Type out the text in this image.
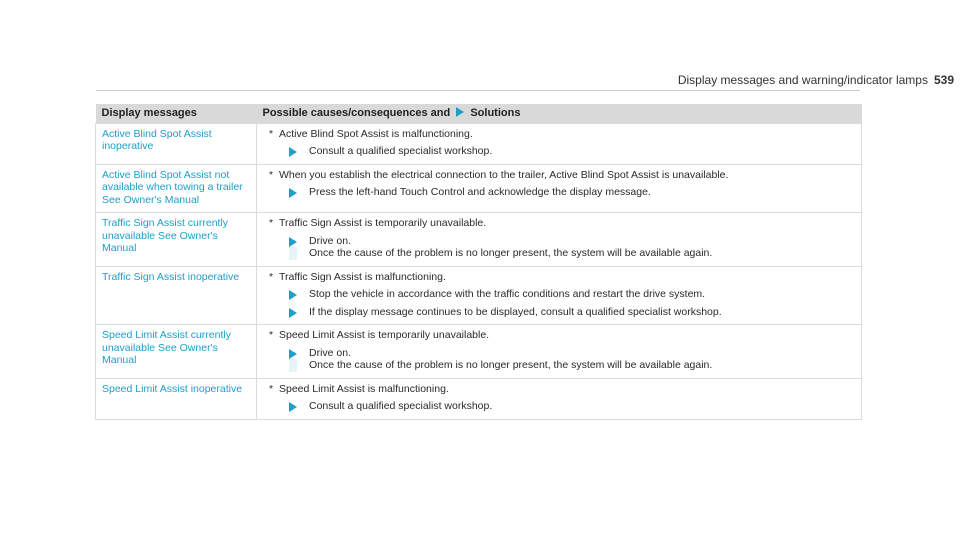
Display messages and warning/indicator lamps 539
Display messages	Possible causes/consequences and Solutions
Active Blind Spot Assist inoperative	* Active Blind Spot Assist is malfunctioning.
Consult a qualified specialist workshop.

Active Blind Spot Assist not available when towing a trailer See Owner's Manual	* When you establish the electrical connection to the trailer, Active Blind Spot Assist is unavailable.
Press the left-hand Touch Control and acknowledge the display message.

Traffic Sign Assist currently unavailable See Owner's Manual	* Traffic Sign Assist is temporarily unavailable.
Drive on.
Once the cause of the problem is no longer present, the system will be available again.

Traffic Sign Assist inoperative	* Traffic Sign Assist is malfunctioning.
Stop the vehicle in accordance with the traffic conditions and restart the drive system.
If the display message continues to be displayed, consult a qualified specialist workshop.

Speed Limit Assist currently unavailable See Owner's Manual	* Speed Limit Assist is temporarily unavailable.
Drive on.
Once the cause of the problem is no longer present, the system will be available again.

Speed Limit Assist inoperative	* Speed Limit Assist is malfunctioning.
Consult a qualified specialist workshop.
